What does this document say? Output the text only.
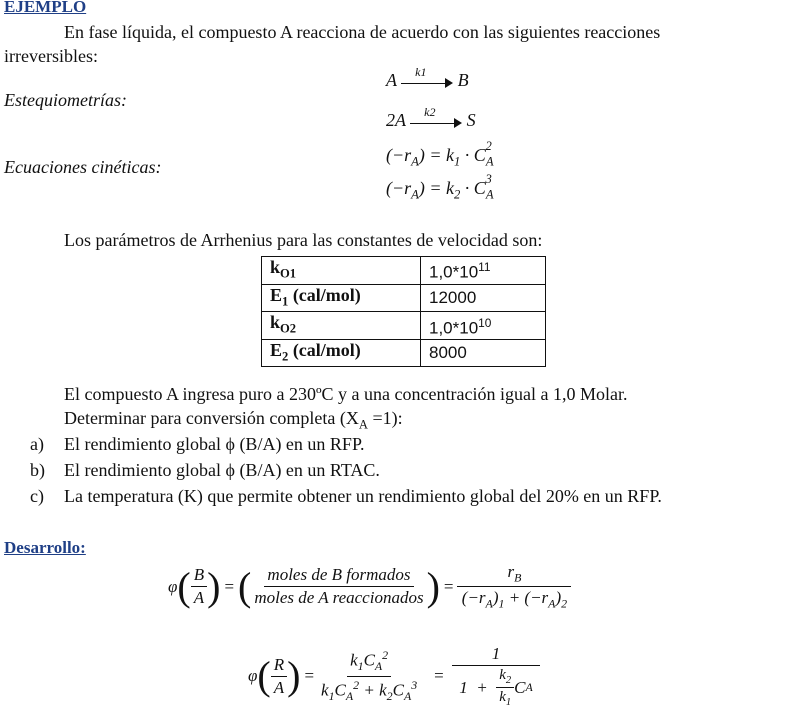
EJEMPLO
En fase líquida, el compuesto A reacciona de acuerdo con las siguientes reacciones
irreversibles:
Estequiometrías:
Ecuaciones cinéticas:
A k1 B
2A k2 S
$(-r_A) = k_1 \cdot C_A^2$
$(-r_A) = k_2 \cdot C_A^3$
Los parámetros de Arrhenius para las constantes de velocidad son:
$k_{O1}$	$1,0*10^{11}$
$E_1$ (cal/mol)	12000
$k_{O2}$	$1,0*10^{10}$
$E_2$ (cal/mol)	8000
El compuesto A ingresa puro a 230ºC y a una concentración igual a 1,0 Molar.
Determinar para conversión completa $(X_A =1)$:
a) El rendimiento global ϕ (B/A) en un RFP.
b) El rendimiento global ϕ (B/A) en un RTAC.
c) La temperatura (K) que permite obtener un rendimiento global del 20% en un RFP.
Desarrollo:
φ ( $\frac{B}{A}$ ) = ( $\frac{\text{moles de B formados}}{\text{moles de A reaccionados}}$ ) = $\frac{r_B}{(-r_A)_1 + (-r_A)_2}$
φ ( $\frac{R}{A}$ ) = $\frac{k_1C_A^2}{k_1C_A^2 + k_2C_A^3} = \frac{1}{1 + \frac{k_2}{k_1} C A}$
